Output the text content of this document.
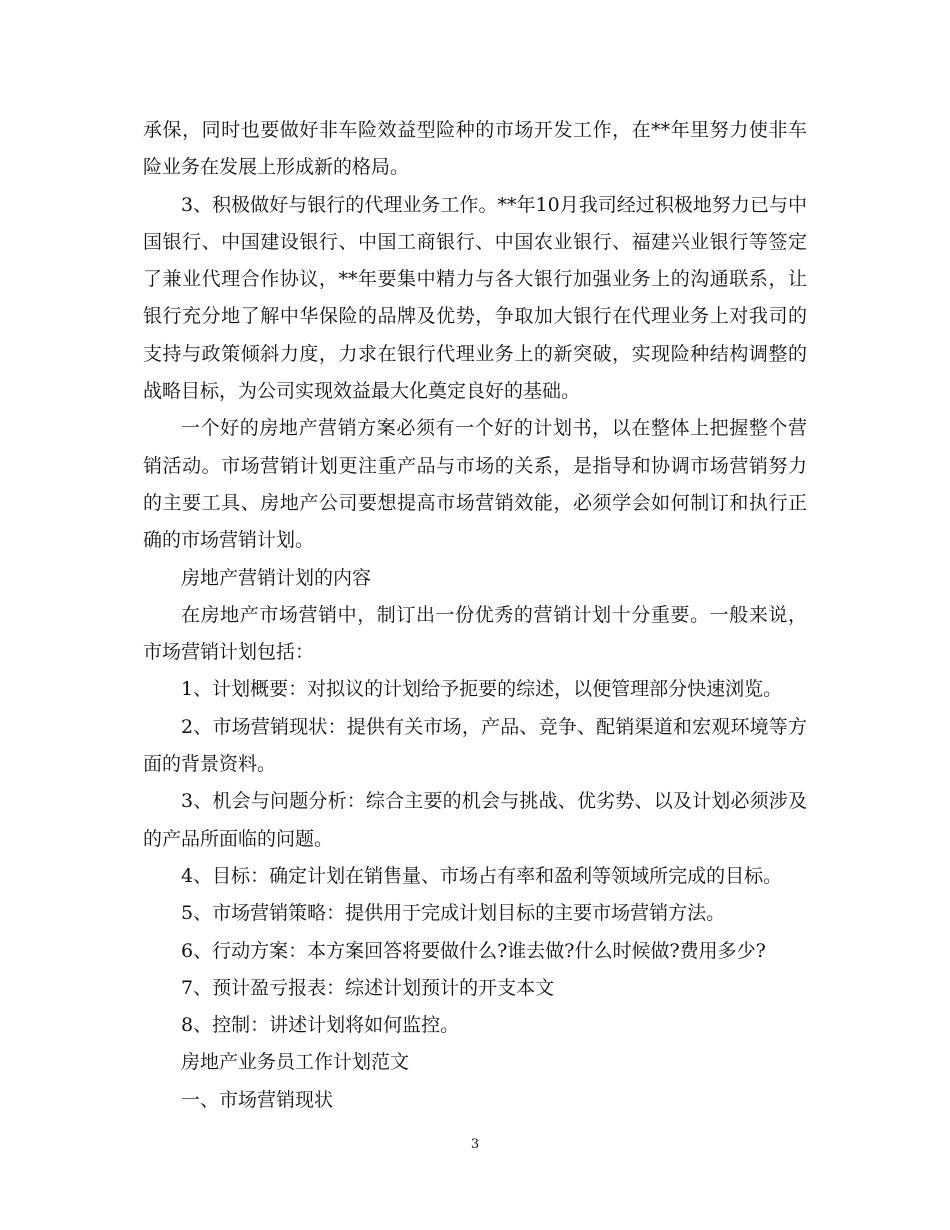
承保，同时也要做好非车险效益型险种的市场开发工作，在**年里努力使非车险业务在发展上形成新的格局。

3、积极做好与银行的代理业务工作。**年10月我司经过积极地努力已与中国银行、中国建设银行、中国工商银行、中国农业银行、福建兴业银行等签定了兼业代理合作协议，**年要集中精力与各大银行加强业务上的沟通联系，让银行充分地了解中华保险的品牌及优势，争取加大银行在代理业务上对我司的支持与政策倾斜力度，力求在银行代理业务上的新突破，实现险种结构调整的战略目标，为公司实现效益最大化奠定良好的基础。

一个好的房地产营销方案必须有一个好的计划书，以在整体上把握整个营销活动。市场营销计划更注重产品与市场的关系，是指导和协调市场营销努力的主要工具、房地产公司要想提高市场营销效能，必须学会如何制订和执行正确的市场营销计划。

房地产营销计划的内容

在房地产市场营销中，制订出一份优秀的营销计划十分重要。一般来说，市场营销计划包括：

1、计划概要：对拟议的计划给予扼要的综述，以便管理部分快速浏览。

2、市场营销现状：提供有关市场，产品、竞争、配销渠道和宏观环境等方面的背景资料。

3、机会与问题分析：综合主要的机会与挑战、优劣势、以及计划必须涉及的产品所面临的问题。

4、目标：确定计划在销售量、市场占有率和盈利等领域所完成的目标。

5、市场营销策略：提供用于完成计划目标的主要市场营销方法。

6、行动方案：本方案回答将要做什么?谁去做?什么时候做?费用多少?

7、预计盈亏报表：综述计划预计的开支本文

8、控制：讲述计划将如何监控。

房地产业务员工作计划范文

一、市场营销现状

3
